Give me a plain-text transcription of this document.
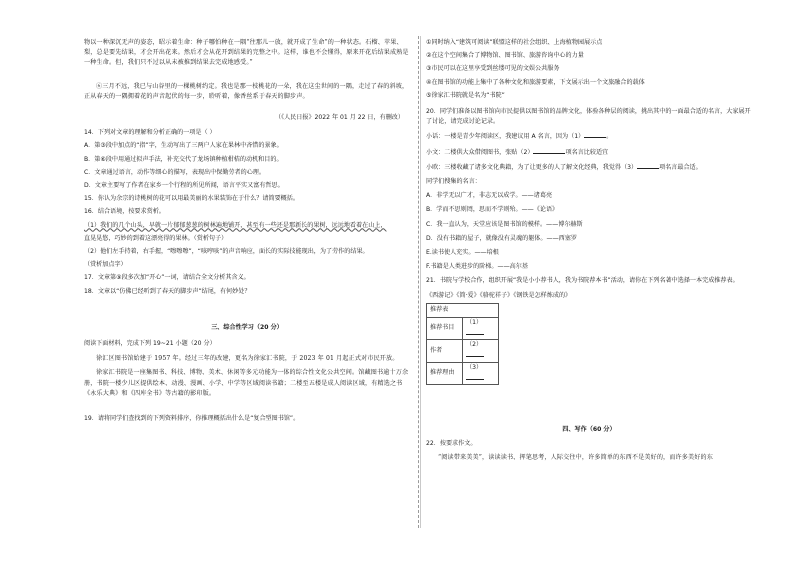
物以一种深沉无声的姿态，昭示着生命：种子哪怕种在一隅“往那儿一放，就开成了生命”的一种状态。石榴、苹果、梨，总是要先结果，才会开出花来。然后才会从花开到结果的完整之中。这样，谁也不会懂得，原来开花后结果成熟是一种生命。但，我们只不过以从未被推到结果去完成地感受。”

⑥三月不远，我已与山谷里的一棵桃树约定。我也是那一枝桃花的一朵，我在这尘世间的一隅，走过了春的斜坡，正从春天的一隅拥着花的声音起伏的每一步，聆听着，像香丝系于春天的脚步声。

（《人民日报》2022 年 01 月 22 日，有删改）

14．下列对文章的理解和分析正确的一项是（ ）

A．第③段中加点的“指”字，生动写出了三两户人家在果林中吝惜的景象。

B．第⑥段中用通过拟声手法，补充交代了龙场镇种植柑桔的动机和目的。

C．文章通过语言，动作等细心的描写，表现出中保勤劳者的心理。

D．文章主要写了作者在家乡一个行程的所见所闻，语言平实又富有哲思。

15．你认为余宗的诗桃树的花可以用最美丽的水果装饰在于什么？请简要概括。

16．结合语境，按要求赏析。

（1）我们的几个山头，早就一片郁郁葱葱的树林遍地铺开，甚至有一些还是那新长的果树，远远地看着在山上，

直晃晃悠，巧妙的到着这漂亮得的果林。（赏析句子）

（2）他们左手持着，右手握，“嚓嚓嚓”，“咳哼咳”的声音响应，面长的实际技能现出，为了劳作的结果。

（赏析加点字）

17．文章第⑨段多次加“开心”一词，请结合全文分析其含义。

18．文章以“仿佛已经听到了春天的脚步声”结尾，有何妙处？

三、综合性学习（20 分）

阅读下面材料，完成下列 19~21 小题（20 分）

徐汇区图书馆始建于 1957 年。经过三年的改建，更名为徐家汇书院，于 2023 年 01 月起正式对市民开放。

徐家汇书院是一座集图书、科技、博物、美术、休闲等多元功能为一体的综合性文化公共空间。馆藏图书逾十万余册，书院一楼少儿区提供绘本、动漫、漫画、小学、中学等区域阅读书籍；二楼至五楼是成人阅读区域，有精选之书《永乐大典》和《四库全书》等古籍的影印版。

19．请将同学们查找到的下列资料排序，你推理概括出什么是“复合型图书馆”。

①同时纳入“建筑可阅读”联盟这样的社会组织、上海植物园展示点

②在这个空间集合了博物馆、图书馆、旅游咨询中心的力量

③市民可以在这里享受到丝缕可见的文娱公共服务

④在图书馆的功能上集中了各种文化和旅游要素，下文展示出一个文旅融合的载体

⑤徐家汇书院就是名为“书院”

20．同学们准备以图书馆向市民提供以图书馆的品牌文化，体验各种层的阅读，挑出其中的一面最合适的名言，大家展开了讨论，请完成讨论记录。

小话：一楼是青少年阅读区，我建议用 A 名言，因为（1）	。

小文：二楼供大众借阅图书，张贴（2）	项名言比较适宜

小欧：三楼收藏了诸多文化典籍，为了让更多的人了解文化经典，我觉得（3）	项名言最合适。

同学们搜集的名言：

A．非学无以广才，非志无以成学。——诸葛亮

B．学而不思则罔，思而不学则殆。——《论语》

C．我一直认为，天堂应该是图书馆的模样。——博尔赫斯

D．没有书籍的屋子，就像没有灵魂的躯体。——西塞罗

E.读书使人充实。——培根

F.书籍是人类进步的阶梯。——高尔基

21．书院与学校合作，组织开展“我是小小荐书人，我为书院荐本书”活动，请你在下列名著中选择一本完成推荐表。

《西游记》《简·爱》《骆驼祥子》《钢铁是怎样炼成的》

推荐表	
推荐书目	（1）
作者	（2）
推荐理由	（3）

四、写作（60 分）

22．按要求作文。

“阅读带来美美”，读读读书、挥笔思考，人际交往中，许多简单的东西不是美好的，而许多美好的东
